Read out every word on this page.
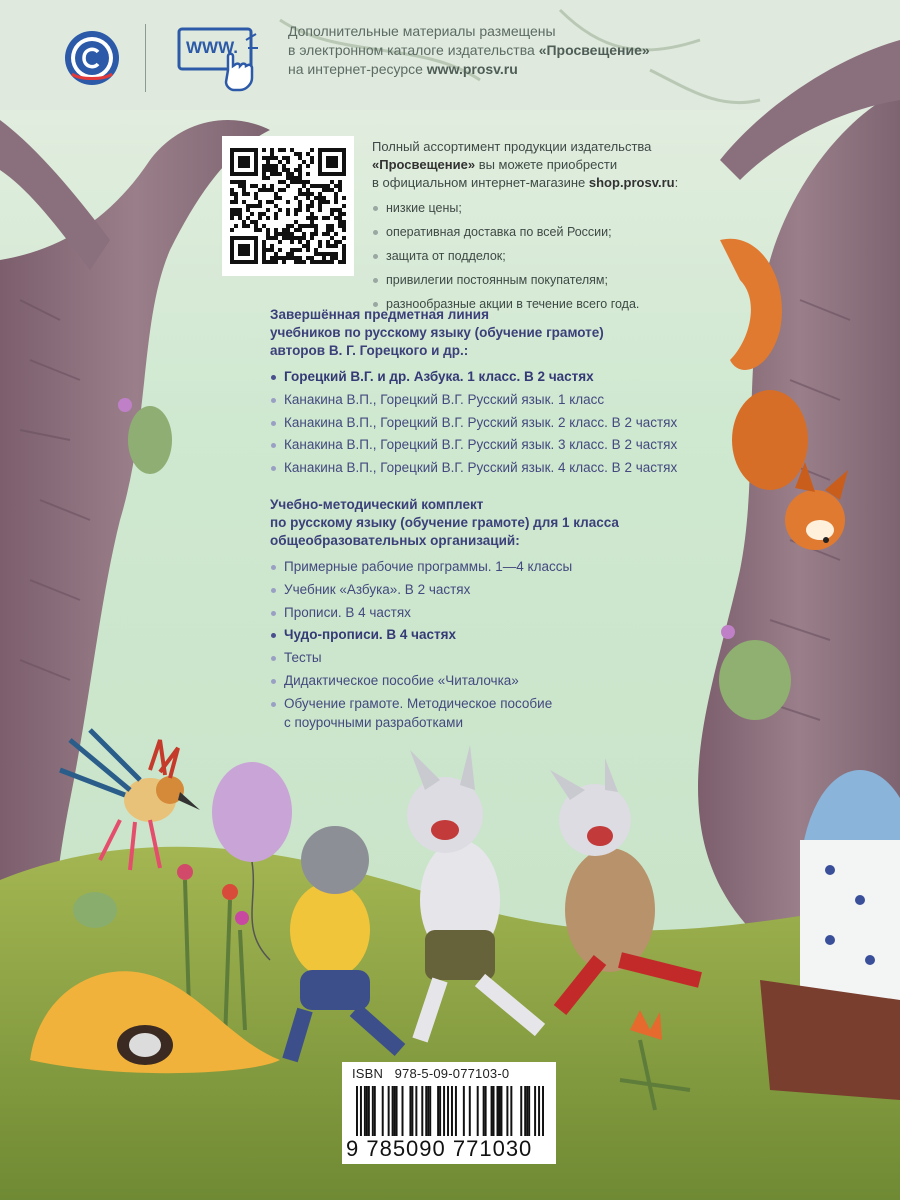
WWW.
Дополнительные материалы размещены
в электронном каталоге издательства «Просвещение»
на интернет-ресурсе www.prosv.ru
Полный ассортимент продукции издательства
«Просвещение» вы можете приобрести
в официальном интернет-магазине shop.prosv.ru:
низкие цены;
оперативная доставка по всей России;
защита от подделок;
привилегии постоянным покупателям;
разнообразные акции в течение всего года.

Завершённая предметная линия

учебников по русскому языку (обучение грамоте)

авторов В. Г. Горецкого и др.:

Горецкий В.Г. и др. Азбука. 1 класс. В 2 частях
Канакина В.П., Горецкий В.Г. Русский язык. 1 класс
Канакина В.П., Горецкий В.Г. Русский язык. 2 класс. В 2 частях
Канакина В.П., Горецкий В.Г. Русский язык. 3 класс. В 2 частях
Канакина В.П., Горецкий В.Г. Русский язык. 4 класс. В 2 частях

Учебно-методический комплект

по русскому языку (обучение грамоте) для 1 класса

общеобразовательных организаций:

Примерные рабочие программы. 1—4 классы
Учебник «Азбука». В 2 частях
Прописи. В 4 частях
Чудо-прописи. В 4 частях
Тесты
Дидактическое пособие «Читалочка»
Обучение грамоте. Методическое пособие
с поурочными разработками
ISBN 978-5-09-077103-0
9 785090 771030
